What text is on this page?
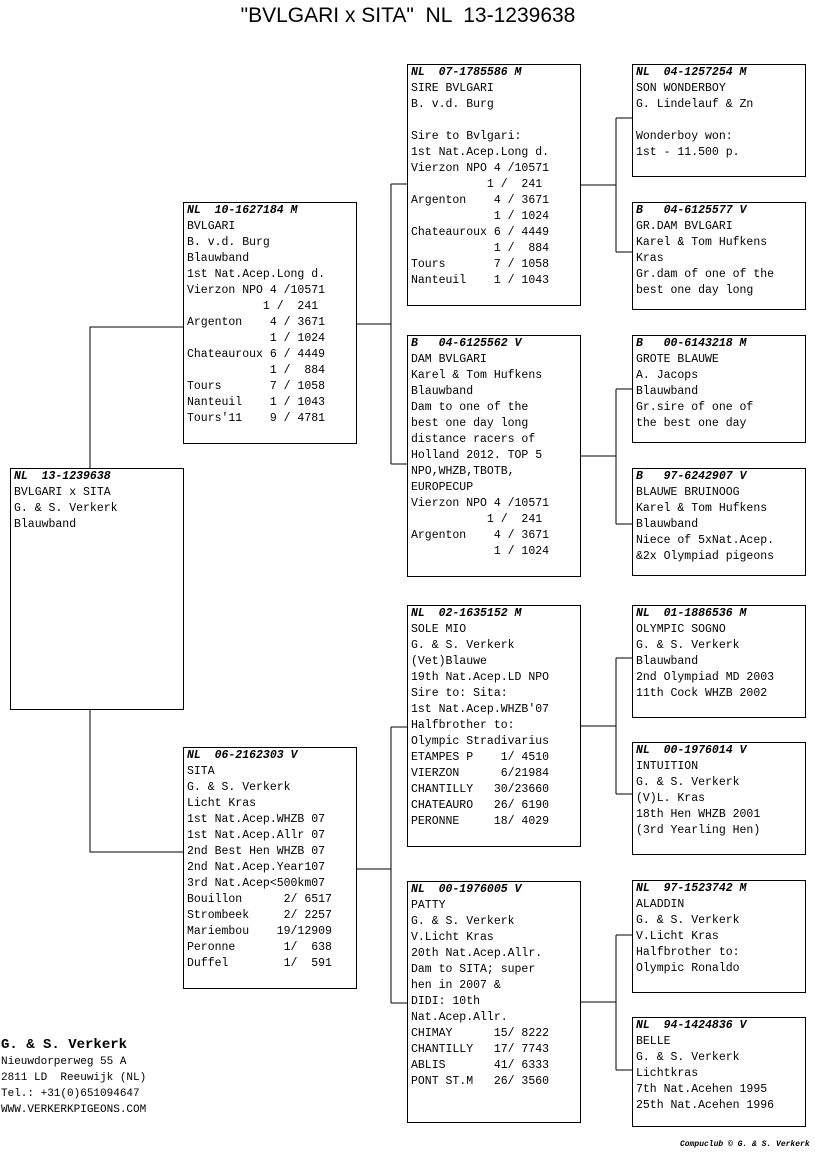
"BVLGARI x SITA"  NL  13-1239638
NL  13-1239638
BVLGARI x SITA
G. & S. Verkerk
Blauwband
NL  10-1627184 M
BVLGARI
B. v.d. Burg
Blauwband
1st Nat.Acep.Long d.
Vierzon NPO 4 /10571
1 /  241
Argenton    4 / 3671
1 / 1024
Chateauroux 6 / 4449
1 /  884
Tours       7 / 1058
Nanteuil    1 / 1043
Tours'11    9 / 4781
NL  06-2162303 V
SITA
G. & S. Verkerk
Licht Kras
1st Nat.Acep.WHZB 07
1st Nat.Acep.Allr 07
2nd Best Hen WHZB 07
2nd Nat.Acep.Year107
3rd Nat.Acep<500km07
Bouillon      2/ 6517
Strombeek     2/ 2257
Mariembou    19/12909
Peronne       1/  638
Duffel        1/  591
NL  07-1785586 M
SIRE BVLGARI
B. v.d. Burg
Sire to Bvlgari:
1st Nat.Acep.Long d.
Vierzon NPO 4 /10571
1 /  241
Argenton    4 / 3671
1 / 1024
Chateauroux 6 / 4449
1 /  884
Tours       7 / 1058
Nanteuil    1 / 1043
B   04-6125562 V
DAM BVLGARI
Karel & Tom Hufkens
Blauwband
Dam to one of the
best one day long
distance racers of
Holland 2012. TOP 5
NPO,WHZB,TBOTB,
EUROPECUP
Vierzon NPO 4 /10571
1 /  241
Argenton    4 / 3671
1 / 1024
NL  02-1635152 M
SOLE MIO
G. & S. Verkerk
(Vet)Blauwe
19th Nat.Acep.LD NPO
Sire to: Sita:
1st Nat.Acep.WHZB'07
Halfbrother to:
Olympic Stradivarius
ETAMPES P    1/ 4510
VIERZON      6/21984
CHANTILLY   30/23660
CHATEAURO   26/ 6190
PERONNE     18/ 4029
NL  00-1976005 V
PATTY
G. & S. Verkerk
V.Licht Kras
20th Nat.Acep.Allr.
Dam to SITA; super
hen in 2007 &
DIDI: 10th
Nat.Acep.Allr.
CHIMAY      15/ 8222
CHANTILLY   17/ 7743
ABLIS       41/ 6333
PONT ST.M   26/ 3560
NL  04-1257254 M
SON WONDERBOY
G. Lindelauf & Zn
Wonderboy won:
1st - 11.500 p.
B   04-6125577 V
GR.DAM BVLGARI
Karel & Tom Hufkens
Kras
Gr.dam of one of the
best one day long
B   00-6143218 M
GROTE BLAUWE
A. Jacops
Blauwband
Gr.sire of one of
the best one day
B   97-6242907 V
BLAUWE BRUINOOG
Karel & Tom Hufkens
Blauwband
Niece of 5xNat.Acep.
&2x Olympiad pigeons
NL  01-1886536 M
OLYMPIC SOGNO
G. & S. Verkerk
Blauwband
2nd Olympiad MD 2003
11th Cock WHZB 2002
NL  00-1976014 V
INTUITION
G. & S. Verkerk
(V)L. Kras
18th Hen WHZB 2001
(3rd Yearling Hen)
NL  97-1523742 M
ALADDIN
G. & S. Verkerk
V.Licht Kras
Halfbrother to:
Olympic Ronaldo
NL  94-1424836 V
BELLE
G. & S. Verkerk
Lichtkras
7th Nat.Acehen 1995
25th Nat.Acehen 1996
G. & S. Verkerk
Nieuwdorperweg 55 A
2811 LD  Reeuwijk (NL)
Tel.: +31(0)651094647
WWW.VERKERKPIGEONS.COM
Compuclub © G. & S. Verkerk
